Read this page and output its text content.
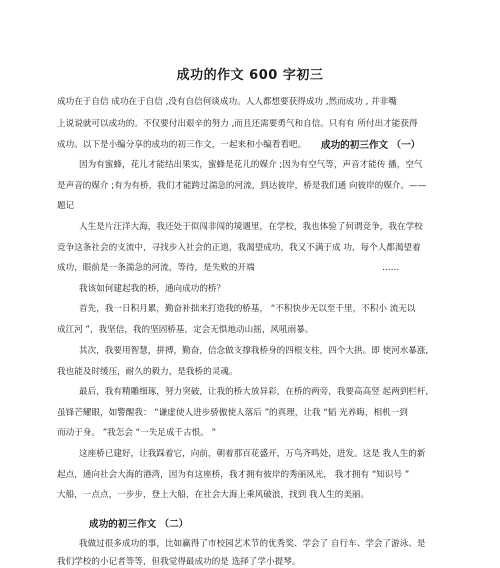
成功的作文 600 字初三
成功在于自信 成功在于自信 ,没有自信何谈成功。人人都想要获得成功 ,然而成功 , 并非嘴
上说说就可以成功的。不仅要付出艰辛的努力 ,而且还需要勇气和自信。只有有 所付出才能获得
成功。以下是小编分享的成功的初三作文，一起来和小编看看吧。	成功的初三作文 （一）
因为有蜜蜂，花儿才能结出果实，蜜蜂是花儿的媒介 ;因为有空气等，声音才能传 播，空气
是声音的媒介 ;有为有桥，我们才能跨过湍急的河流，到达彼岸，桥是我们通 向彼岸的媒介。——
题记
人生是片汪洋大海，我还处于似闯非闯的境遇里，在学校，我也体验了何谓竞争，我在学校
竞争这条社会的支流中，寻找步入社会的正道，我渴望成功，我又不满于成 功，每个人都渴望着
成功，眼前是一条湍急的河流，等待，是失败的开端	……
我该如何建起我的桥，通向成功的桥？
首先，我一日积月累，勤奋补拙来打造我的桥基， “不积快步无以至千里，不积小 流无以
成江河 ”，我坚信，我的坚固桥基，定会无惧地动山摇，风吼雨暴。
其次，我要用智慧，拼搏，勤奋，信念做支撑我桥身的四根支柱，四个大拱。即 使河水暴涨,
我也能及时缓压，耐久的毅力，是我桥的灵魂。
最后，我有精雕细琢，努力突破，让我的桥大放异彩，在桥的两旁，我要高高竖 起两到栏杆,
虽锋芒耀眼，如警醒我： “谦虚使人进步骄傲使人落后 ”的真理，让我 “韬 光养晦，相机一到
而动于身。 ”我怎会 “一失足成千古恨。 ”
这座桥已建好，让我踩着它，向前，朝着那百花盛开，万鸟齐鸣处，进发。这是 我人生的新
起点，通向社会大海的港湾，因为有这座桥，我才拥有彼岸的秀丽风光， 我才拥有 “知识号 ”
大船，一点点，一步步，登上大船，在社会大海上乘风破浪，找到 我人生的美丽。
成功的初三作文 （二）
我做过很多成功的事，比如赢得了市校园艺术节的优秀奖、学会了 自行车、学会了游泳、是
我们学校的小记者等等，但我觉得最成功的是 选择了学小提琴。
